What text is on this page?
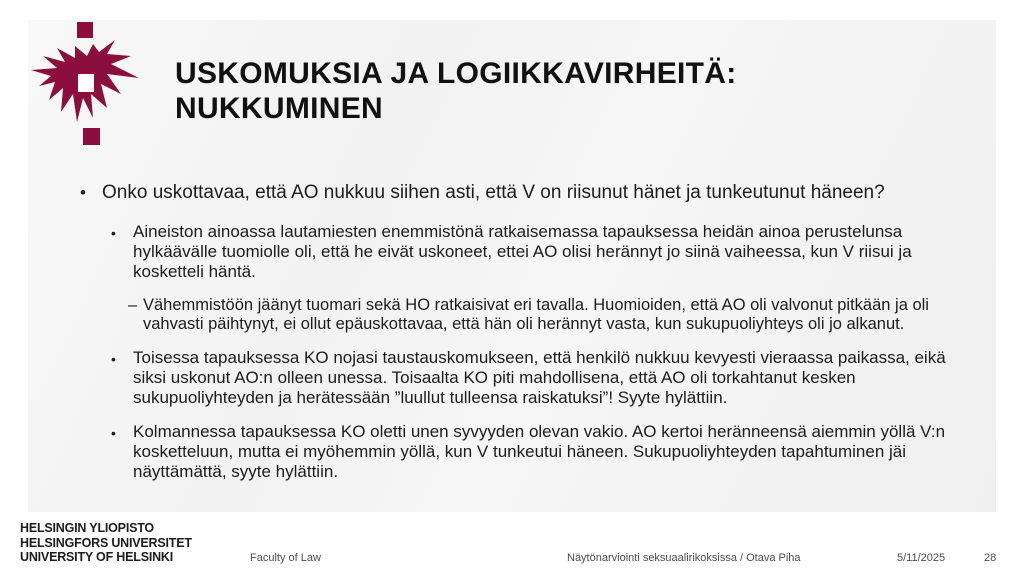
USKOMUKSIA JA LOGIIKKAVIRHEITÄ:
NUKKUMINEN
• Onko uskottavaa, että AO nukkuu siihen asti, että V on riisunut hänet ja tunkeutunut häneen?
• Aineiston ainoassa lautamiesten enemmistönä ratkaisemassa tapauksessa heidän ainoa perustelunsa hylkäävälle tuomiolle oli, että he eivät uskoneet, ettei AO olisi herännyt jo siinä vaiheessa, kun V riisui ja kosketteli häntä.
– Vähemmistöön jäänyt tuomari sekä HO ratkaisivat eri tavalla. Huomioiden, että AO oli valvonut pitkään ja oli vahvasti päihtynyt, ei ollut epäuskottavaa, että hän oli herännyt vasta, kun sukupuoliyhteys oli jo alkanut.
• Toisessa tapauksessa KO nojasi taustauskomukseen, että henkilö nukkuu kevyesti vieraassa paikassa, eikä siksi uskonut AO:n olleen unessa. Toisaalta KO piti mahdollisena, että AO oli torkahtanut kesken sukupuoliyhteyden ja herätessään ”luullut tulleensa raiskatuksi”! Syyte hylättiin.
• Kolmannessa tapauksessa KO oletti unen syvyyden olevan vakio. AO kertoi heränneensä aiemmin yöllä V:n kosketteluun, mutta ei myöhemmin yöllä, kun V tunkeutui häneen. Sukupuoliyhteyden tapahtuminen jäi näyttämättä, syyte hylättiin.
HELSINGIN YLIOPISTO
HELSINGFORS UNIVERSITET
UNIVERSITY OF HELSINKI	Faculty of Law	Näytönarviointi seksuaalirikoksissa / Otava Piha	5/11/2025	28
